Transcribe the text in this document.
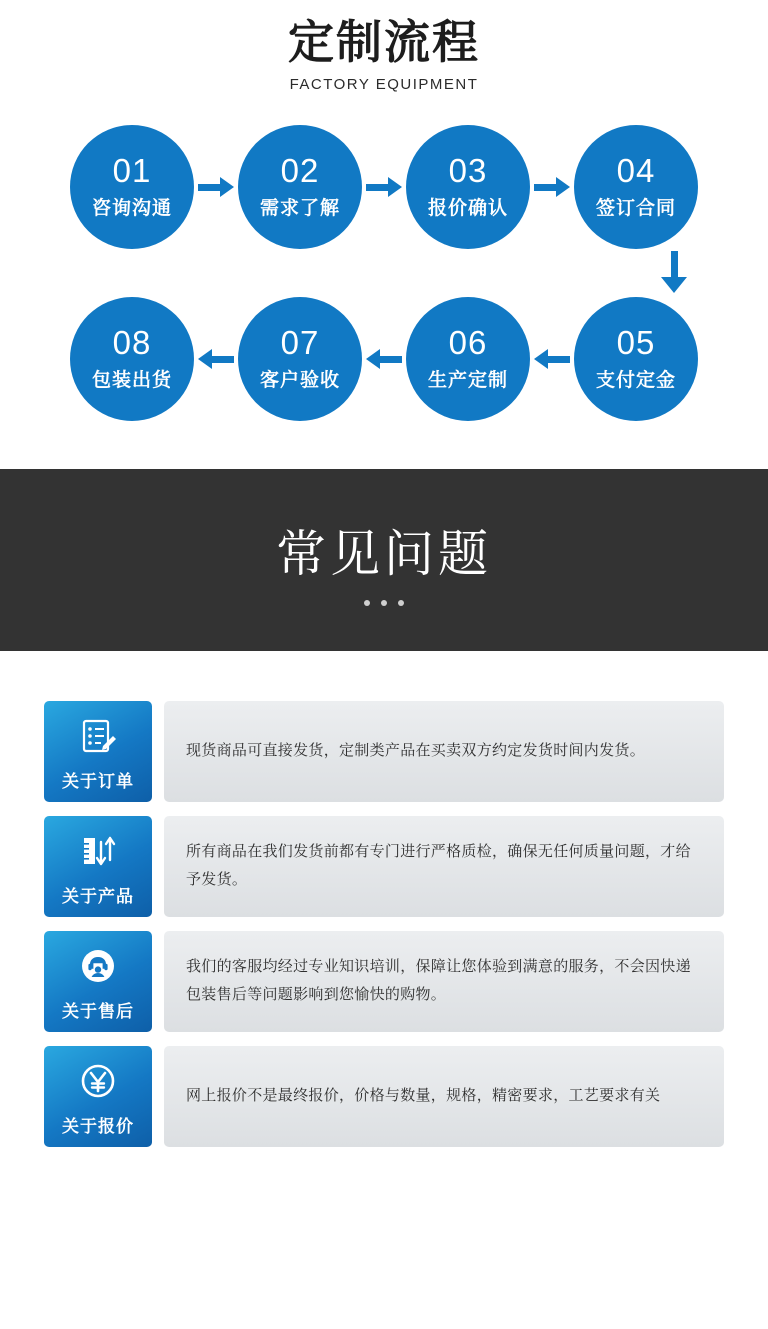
定制流程
FACTORY EQUIPMENT
01
咨询沟通
02
需求了解
03
报价确认
04
签订合同
08
包装出货
07
客户验收
06
生产定制
05
支付定金
常见问题
关于订单

现货商品可直接发货，定制类产品在买卖双方约定发货时间内发货。

关于产品

所有商品在我们发货前都有专门进行严格质检，确保无任何质量问题，才给予发货。

关于售后

我们的客服均经过专业知识培训，保障让您体验到满意的服务，不会因快递包装售后等问题影响到您愉快的购物。

关于报价

网上报价不是最终报价，价格与数量，规格，精密要求，工艺要求有关
